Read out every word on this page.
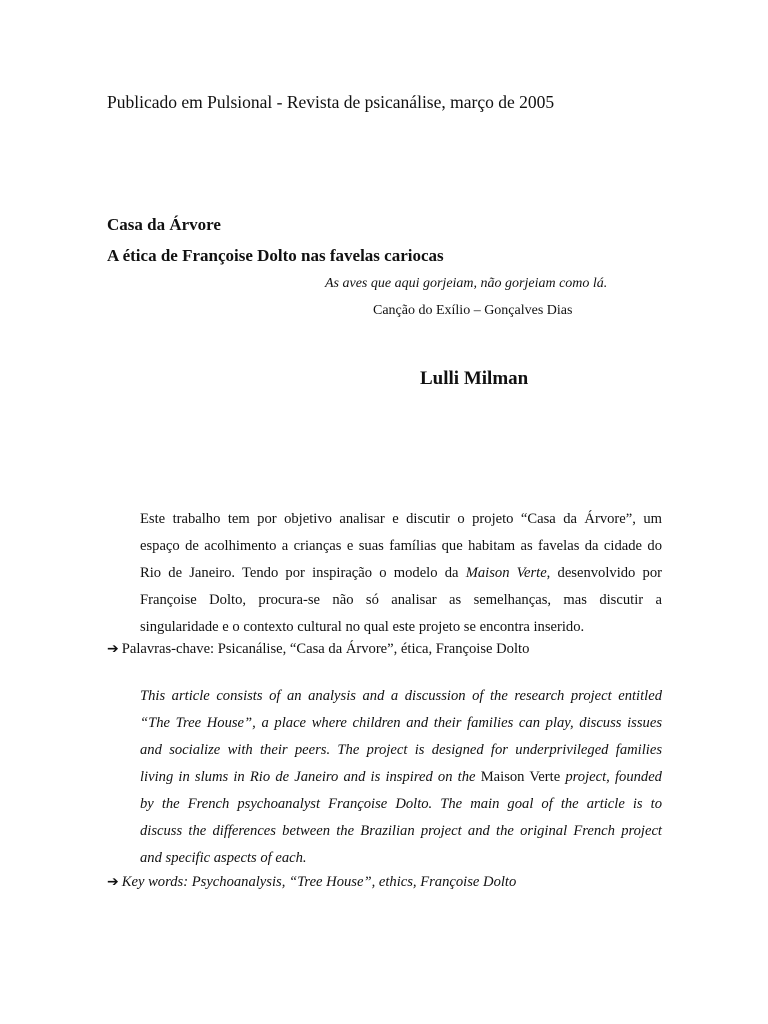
Publicado em Pulsional - Revista de psicanálise, março de 2005
Casa da Árvore
A ética de Françoise Dolto nas favelas cariocas
As aves que aqui gorjeiam, não gorjeiam como lá.
Canção do Exílio – Gonçalves Dias
Lulli Milman
Este trabalho tem por objetivo analisar e discutir o projeto “Casa da Árvore”, um
espaço de acolhimento a crianças e suas famílias que habitam as favelas da cidade do
Rio de Janeiro. Tendo por inspiração o modelo da Maison Verte, desenvolvido por
Françoise Dolto, procura-se não só analisar as semelhanças, mas discutir a
singularidade e o contexto cultural no qual este projeto se encontra inserido.
➔ Palavras-chave: Psicanálise, “Casa da Árvore”, ética, Françoise Dolto
This article consists of an analysis and a discussion of the research project entitled
“The Tree House”, a place where children and their families can play, discuss issues
and socialize with their peers. The project is designed for underprivileged families
living in slums in Rio de Janeiro and is inspired on the Maison Verte project, founded
by the French psychoanalyst Françoise Dolto. The main goal of the article is to
discuss the differences between the Brazilian project and the original French project
and specific aspects of each.
➔ Key words: Psychoanalysis, “Tree House”, ethics, Françoise Dolto
